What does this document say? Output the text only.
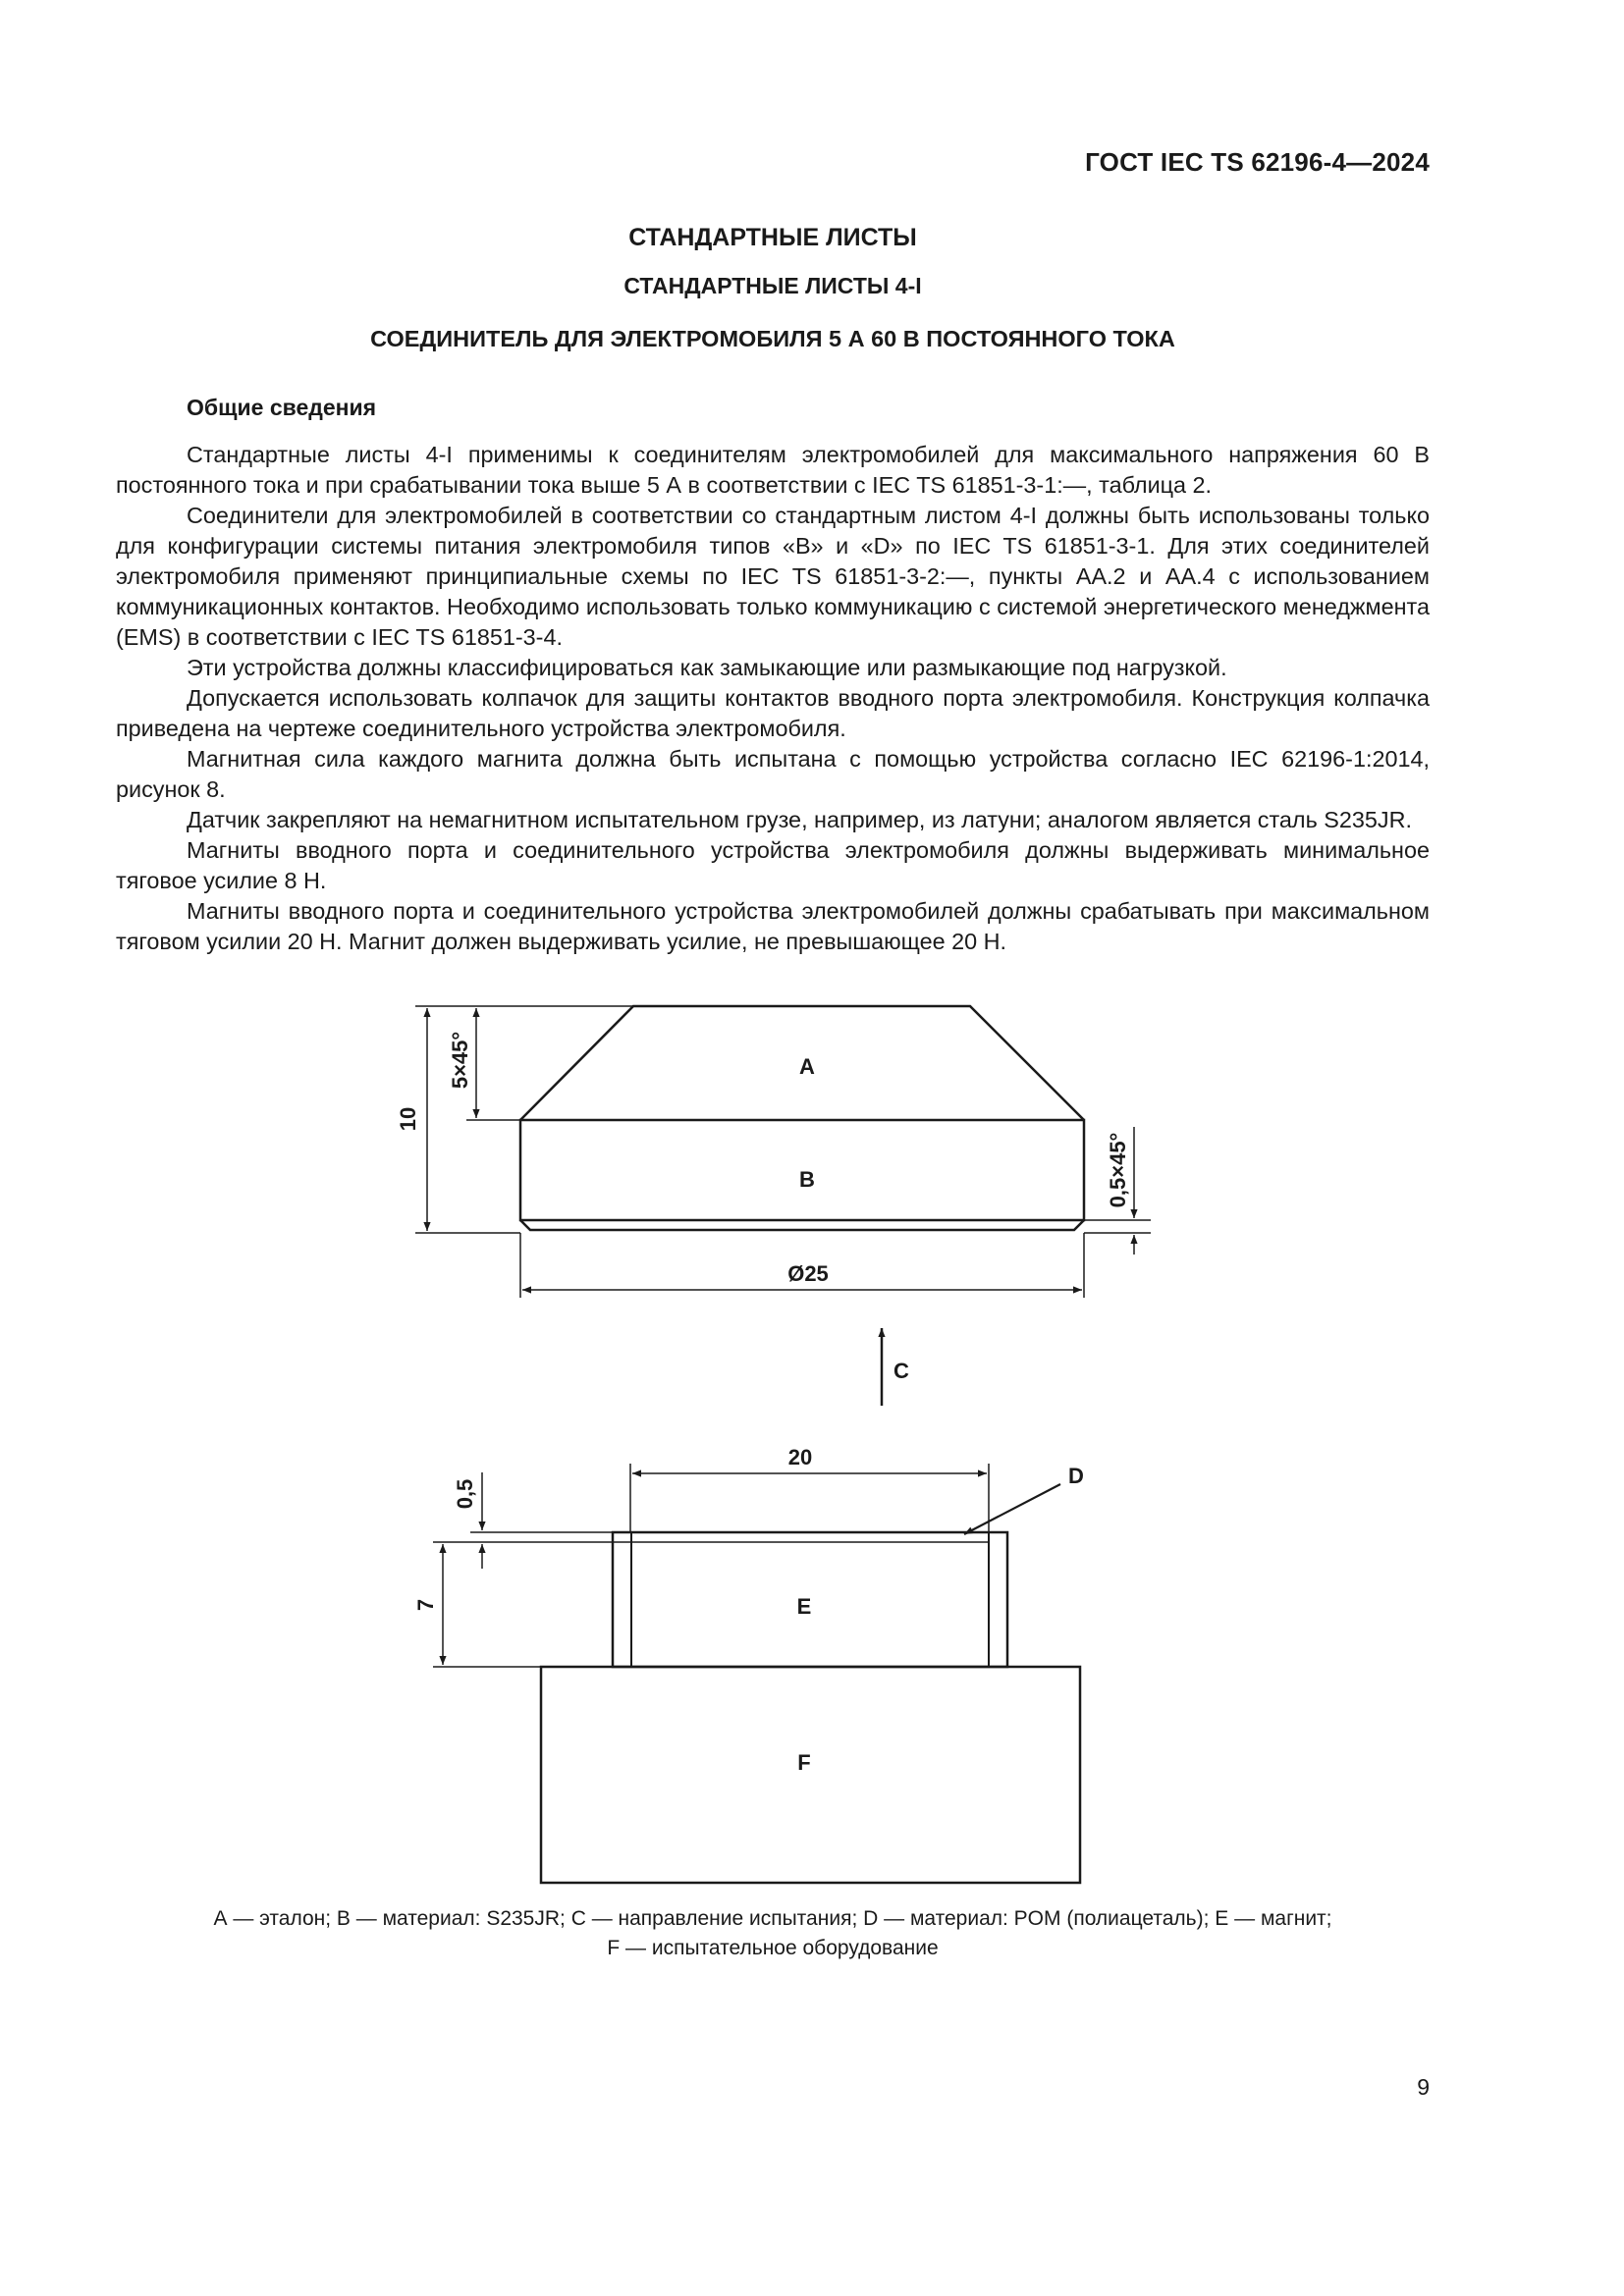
ГОСТ IEC TS 62196-4—2024
СТАНДАРТНЫЕ ЛИСТЫ
СТАНДАРТНЫЕ ЛИСТЫ 4-I
СОЕДИНИТЕЛЬ ДЛЯ ЭЛЕКТРОМОБИЛЯ 5 А 60 В ПОСТОЯННОГО ТОКА
Общие сведения

Стандартные листы 4-I применимы к соединителям электромобилей для максимального напряжения 60 В постоянного тока и при срабатывании тока выше 5 А в соответствии с IEC TS 61851-3-1:—, таблица 2.

Соединители для электромобилей в соответствии со стандартным листом 4-I должны быть использованы только для конфигурации системы питания электромобиля типов «В» и «D» по IEC TS 61851-3-1. Для этих соединителей электромобиля применяют принципиальные схемы по IEC TS 61851-3-2:—, пункты АА.2 и АА.4 с использованием коммуникационных контактов. Необходимо использовать только коммуникацию с системой энергетического менеджмента (EMS) в соответствии с IEC TS 61851-3-4.

Эти устройства должны классифицироваться как замыкающие или размыкающие под нагрузкой.

Допускается использовать колпачок для защиты контактов вводного порта электромобиля. Конструкция колпачка приведена на чертеже соединительного устройства электромобиля.

Магнитная сила каждого магнита должна быть испытана с помощью устройства согласно IEC 62196-1:2014, рисунок 8.

Датчик закрепляют на немагнитном испытательном грузе, например, из латуни; аналогом является сталь S235JR.

Магниты вводного порта и соединительного устройства электромобиля должны выдерживать минимальное тяговое усилие 8 Н.

Магниты вводного порта и соединительного устройства электромобилей должны срабатывать при максимальном тяговом усилии 20 Н. Магнит должен выдерживать усилие, не превышающее 20 Н.

A
B
C
D
E
F
10
5×45°
0,5×45°
Ø25
20
0,5
7
А — эталон; В — материал: S235JR; С — направление испытания; D — материал: POM (полиацеталь); E — магнит;
F — испытательное оборудование
9
